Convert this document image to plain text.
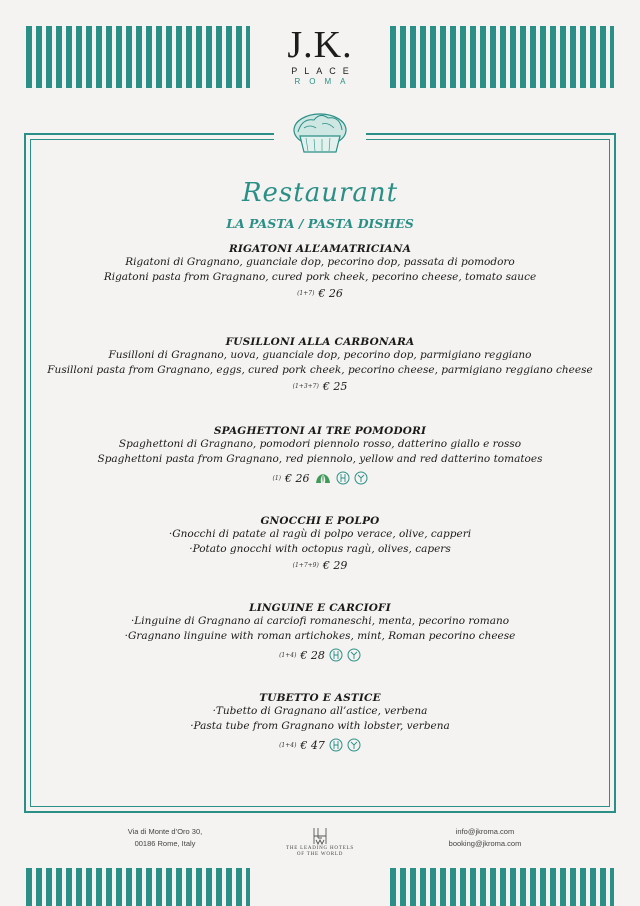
J.K.
PLACE
ROMA
Restaurant
LA PASTA / PASTA DISHES
RIGATONI ALL’AMATRICIANA
Rigatoni di Gragnano, guanciale dop, pecorino dop, passata di pomodoro
Rigatoni pasta from Gragnano, cured pork cheek, pecorino cheese, tomato sauce
(1+7) € 26
FUSILLONI ALLA CARBONARA
Fusilloni di Gragnano, uova, guanciale dop, pecorino dop, parmigiano reggiano
Fusilloni pasta from Gragnano, eggs, cured pork cheek, pecorino cheese, parmigiano reggiano cheese
(1+3+7) € 25
SPAGHETTONI AI TRE POMODORI
Spaghettoni di Gragnano, pomodori piennolo rosso, datterino giallo e rosso
Spaghettoni pasta from Gragnano, red piennolo, yellow and red datterino tomatoes
(1) € 26
GNOCCHI E POLPO
·Gnocchi di patate al ragù di polpo verace, olive, capperi
·Potato gnocchi with octopus ragù, olives, capers
(1+7+9) € 29
LINGUINE E CARCIOFI
·Linguine di Gragnano ai carciofi romaneschi, menta, pecorino romano
·Gragnano linguine with roman artichokes, mint, Roman pecorino cheese
(1+4) € 28
TUBETTO E ASTICE
·Tubetto di Gragnano all’astice, verbena
·Pasta tube from Gragnano with lobster, verbena
(1+4) € 47
Via di Monte d’Oro 30,
00186 Rome, Italy
THE LEADING HOTELS
OF THE WORLD
info@jkroma.com
booking@jkroma.com
